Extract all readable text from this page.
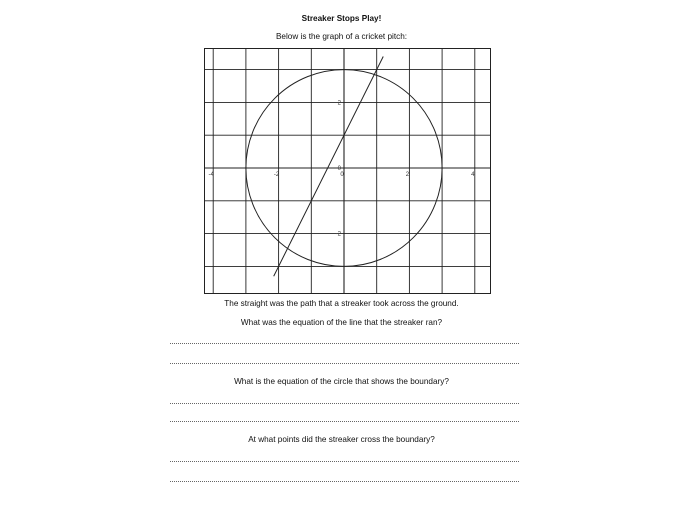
Streaker Stops Play!
Below is the graph of a cricket pitch:
-4	-2	0	2	4
2
0
-2
The straight was the path that a streaker took across the ground.
What was the equation of the line that the streaker ran?
What is the equation of the circle that shows the boundary?
At what points did the streaker cross the boundary?
